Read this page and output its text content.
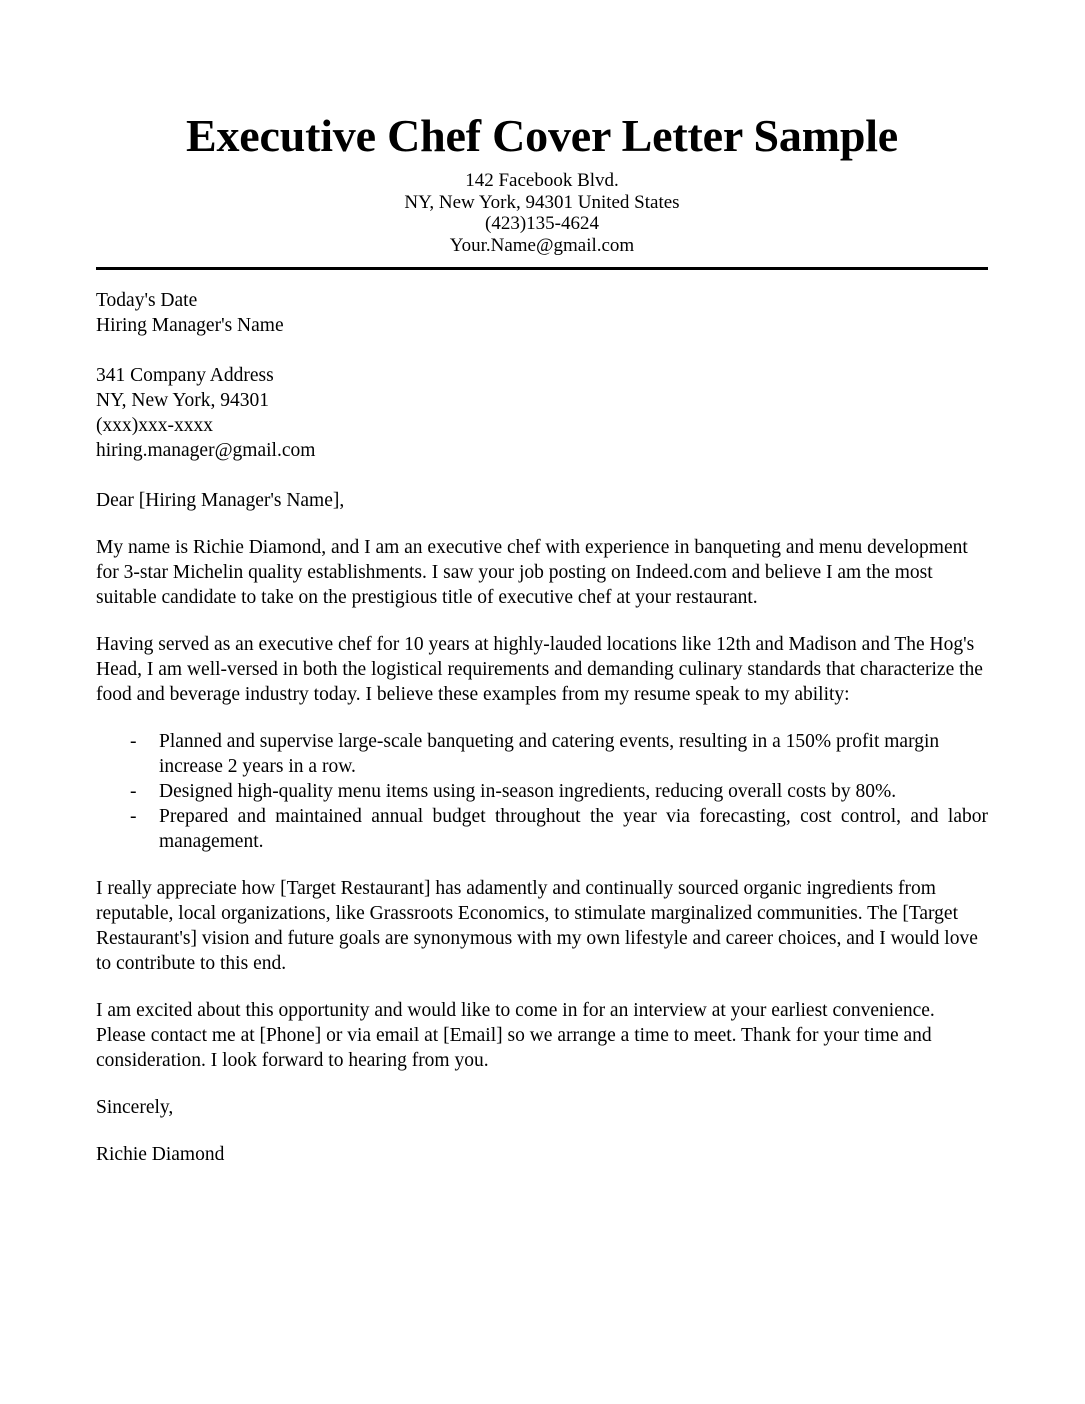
Executive Chef Cover Letter Sample
142 Facebook Blvd.
NY, New York, 94301 United States
(423)135-4624
Your.Name@gmail.com
Today's Date
Hiring Manager's Name
341 Company Address
NY, New York, 94301
(xxx)xxx-xxxx
hiring.manager@gmail.com

Dear [Hiring Manager's Name],

My name is Richie Diamond, and I am an executive chef with experience in banqueting and menu development for 3-star Michelin quality establishments. I saw your job posting on Indeed.com and believe I am the most suitable candidate to take on the prestigious title of executive chef at your restaurant.

Having served as an executive chef for 10 years at highly-lauded locations like 12th and Madison and The Hog's Head, I am well-versed in both the logistical requirements and demanding culinary standards that characterize the food and beverage industry today. I believe these examples from my resume speak to my ability:

- Planned and supervise large-scale banqueting and catering events, resulting in a 150% profit margin increase 2 years in a row.
- Designed high-quality menu items using in-season ingredients, reducing overall costs by 80%.
- Prepared and maintained annual budget throughout the year via forecasting, cost control, and labor management.

I really appreciate how [Target Restaurant] has adamently and continually sourced organic ingredients from reputable, local organizations, like Grassroots Economics, to stimulate marginalized communities. The [Target Restaurant's] vision and future goals are synonymous with my own lifestyle and career choices, and I would love to contribute to this end.

I am excited about this opportunity and would like to come in for an interview at your earliest convenience. Please contact me at [Phone] or via email at [Email] so we arrange a time to meet. Thank for your time and consideration. I look forward to hearing from you.

Sincerely,

Richie Diamond
